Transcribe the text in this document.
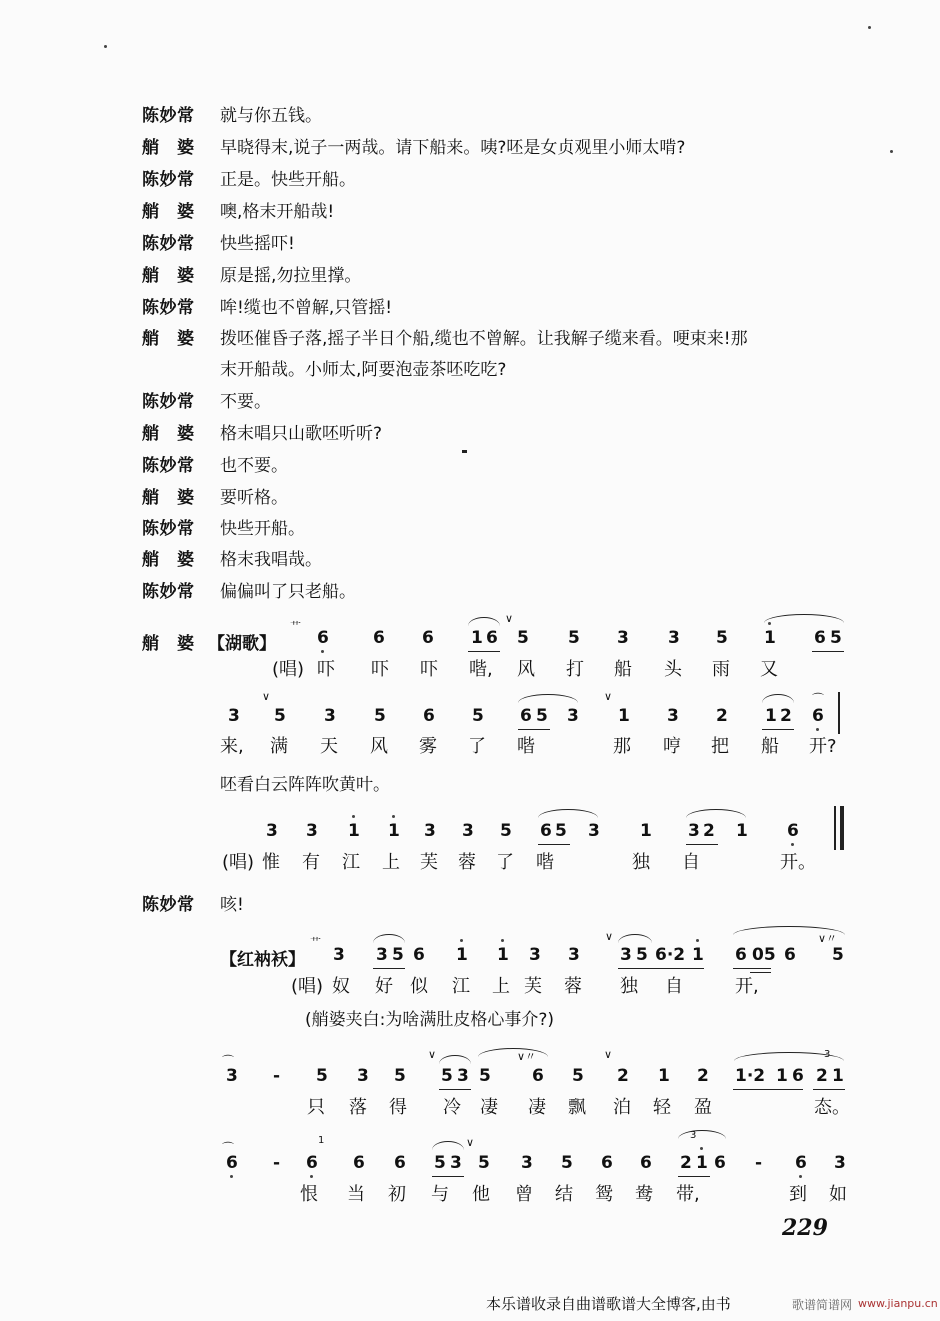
陈妙常 就与你五钱。
艄　婆 早晓得末,说子一两哉。请下船来。咦?呸是女贞观里小师太啃?
陈妙常 正是。快些开船。
艄　婆 噢,格末开船哉!
陈妙常 快些摇吓!
艄　婆 原是摇,勿拉里撑。
陈妙常 哞!缆也不曾解,只管摇!
艄　婆 拨呸催昏子落,摇子半日个船,缆也不曾解。让我解子缆来看。哽束来!那
末开船哉。小师太,阿要泡壶茶呸吃吃?
陈妙常 不要。
艄　婆 格末唱只山歌呸听听?
陈妙常 也不要。
艄　婆 要听格。
陈妙常 快些开船。
艄　婆 格末我唱哉。
陈妙常 偏偏叫了只老船。
艄　婆 【湖歌】
艹
6	6 6 1 6 5 5 3 3 5 1 6 5
∨
(唱) 吓 吓 吓 喈, 风 打 船 头 雨 又
3 5 3 5 6 5 6 5 3 1 3 2 1 2 6
∨	∨	⌒
来, 满 天 风 雾 了 喈	那 哼 把 船 开?
呸看白云阵阵吹黄叶。
3 3 1 1 3 3 5 6 5 3 1 3 2 1 6
(唱) 惟 有 江 上 芙 蓉 了 喈	独 自	开。
陈妙常 咳!
【红衲袄】
艹
3 3 5 6 1 1 3 3 3 5 6·2 1 6 05 6 5
∨	∨〃
(唱) 奴 好 似 江 上 芙 蓉 独 自	开,
(艄婆夹白:为啥满肚皮格心事介?)
3 - 5 3 5 5 3 5 6 5 2 1 2 1·2 1 6 2 1
3
⌒	∨	∨〃	∨
只 落 得 冷 凄 凄 飘 泊 轻 盈	态。
6 - 6 6 6 5 3 5 3 5 6 6 2 1 6 - 6 3
1	3
⌒	∨
恨 当 初 与 他 曾 结 鸳 鸯 带,	到 如
229
本乐谱收录自曲谱歌谱大全博客,由书	歌谱简谱网 www.jianpu.cn
